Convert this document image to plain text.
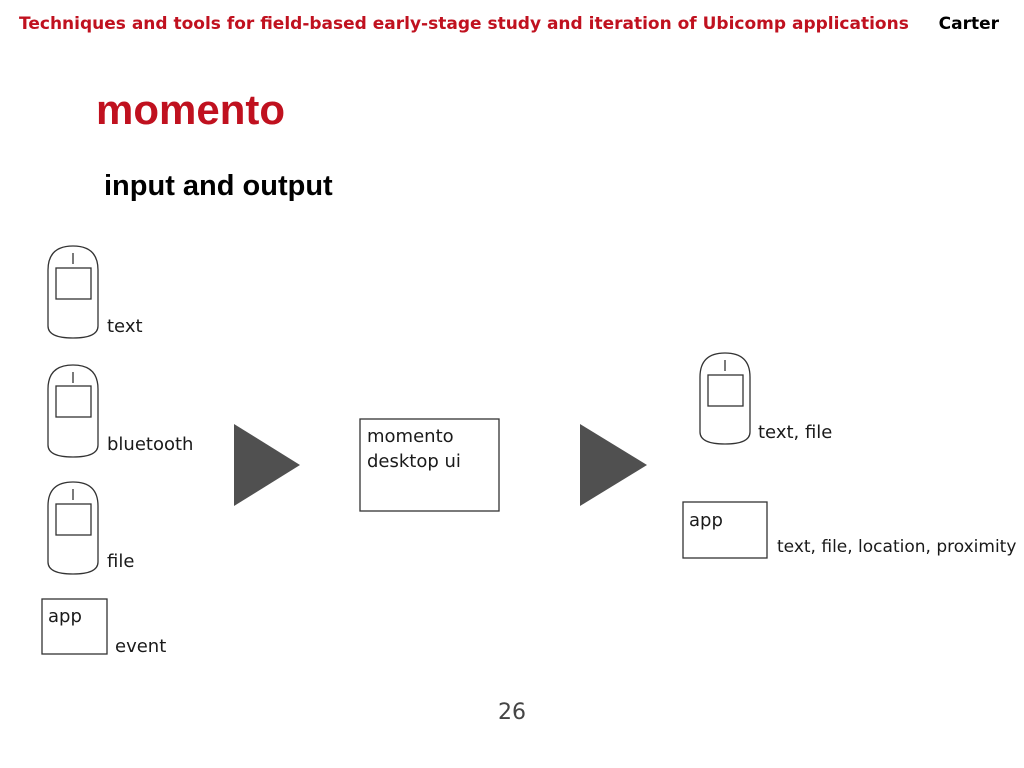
Techniques and tools for field-based early-stage study and iteration of Ubicomp applications Carter
momento
input and output
text
bluetooth
file
app
event
momento
desktop ui
text, file
app
text, file, location, proximity
26
